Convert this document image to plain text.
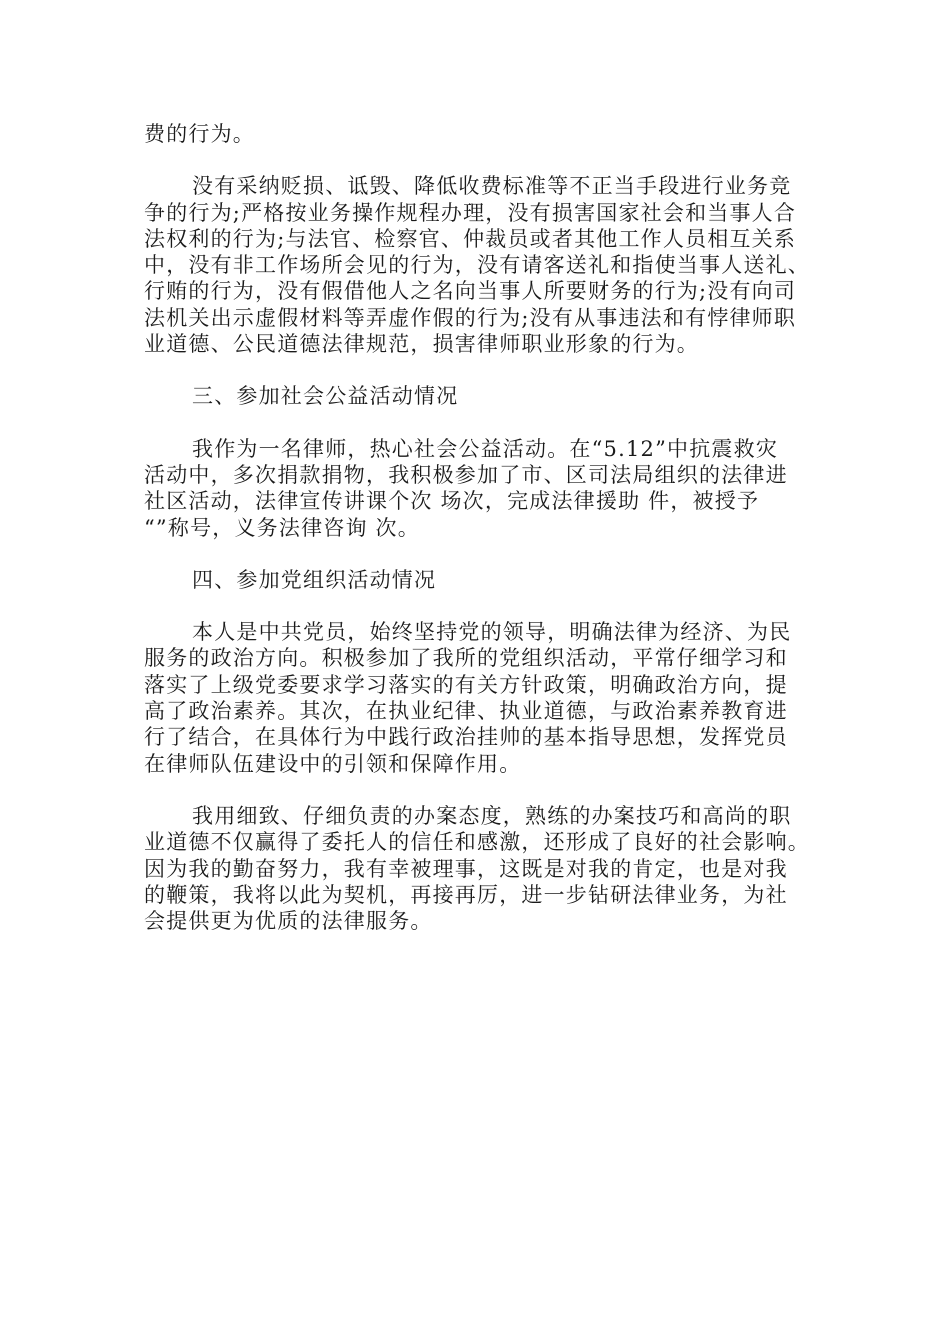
费的行为。
没有采纳贬损、诋毁、降低收费标准等不正当手段进行业务竞
争的行为;严格按业务操作规程办理，没有损害国家社会和当事人合
法权利的行为;与法官、检察官、仲裁员或者其他工作人员相互关系
中，没有非工作场所会见的行为，没有请客送礼和指使当事人送礼、
行贿的行为，没有假借他人之名向当事人所要财务的行为;没有向司
法机关出示虚假材料等弄虚作假的行为;没有从事违法和有悖律师职
业道德、公民道德法律规范，损害律师职业形象的行为。
三、参加社会公益活动情况
我作为一名律师，热心社会公益活动。在“5.12”中抗震救灾
活动中，多次捐款捐物，我积极参加了市、区司法局组织的法律进
社区活动，法律宣传讲课个次 场次，完成法律援助 件，被授予
“”称号，义务法律咨询 次。
四、参加党组织活动情况
本人是中共党员，始终坚持党的领导，明确法律为经济、为民
服务的政治方向。积极参加了我所的党组织活动，平常仔细学习和
落实了上级党委要求学习落实的有关方针政策，明确政治方向，提
高了政治素养。其次，在执业纪律、执业道德，与政治素养教育进
行了结合，在具体行为中践行政治挂帅的基本指导思想，发挥党员
在律师队伍建设中的引领和保障作用。
我用细致、仔细负责的办案态度，熟练的办案技巧和高尚的职
业道德不仅赢得了委托人的信任和感激，还形成了良好的社会影响。
因为我的勤奋努力，我有幸被理事，这既是对我的肯定，也是对我
的鞭策，我将以此为契机，再接再厉，进一步钻研法律业务，为社
会提供更为优质的法律服务。
